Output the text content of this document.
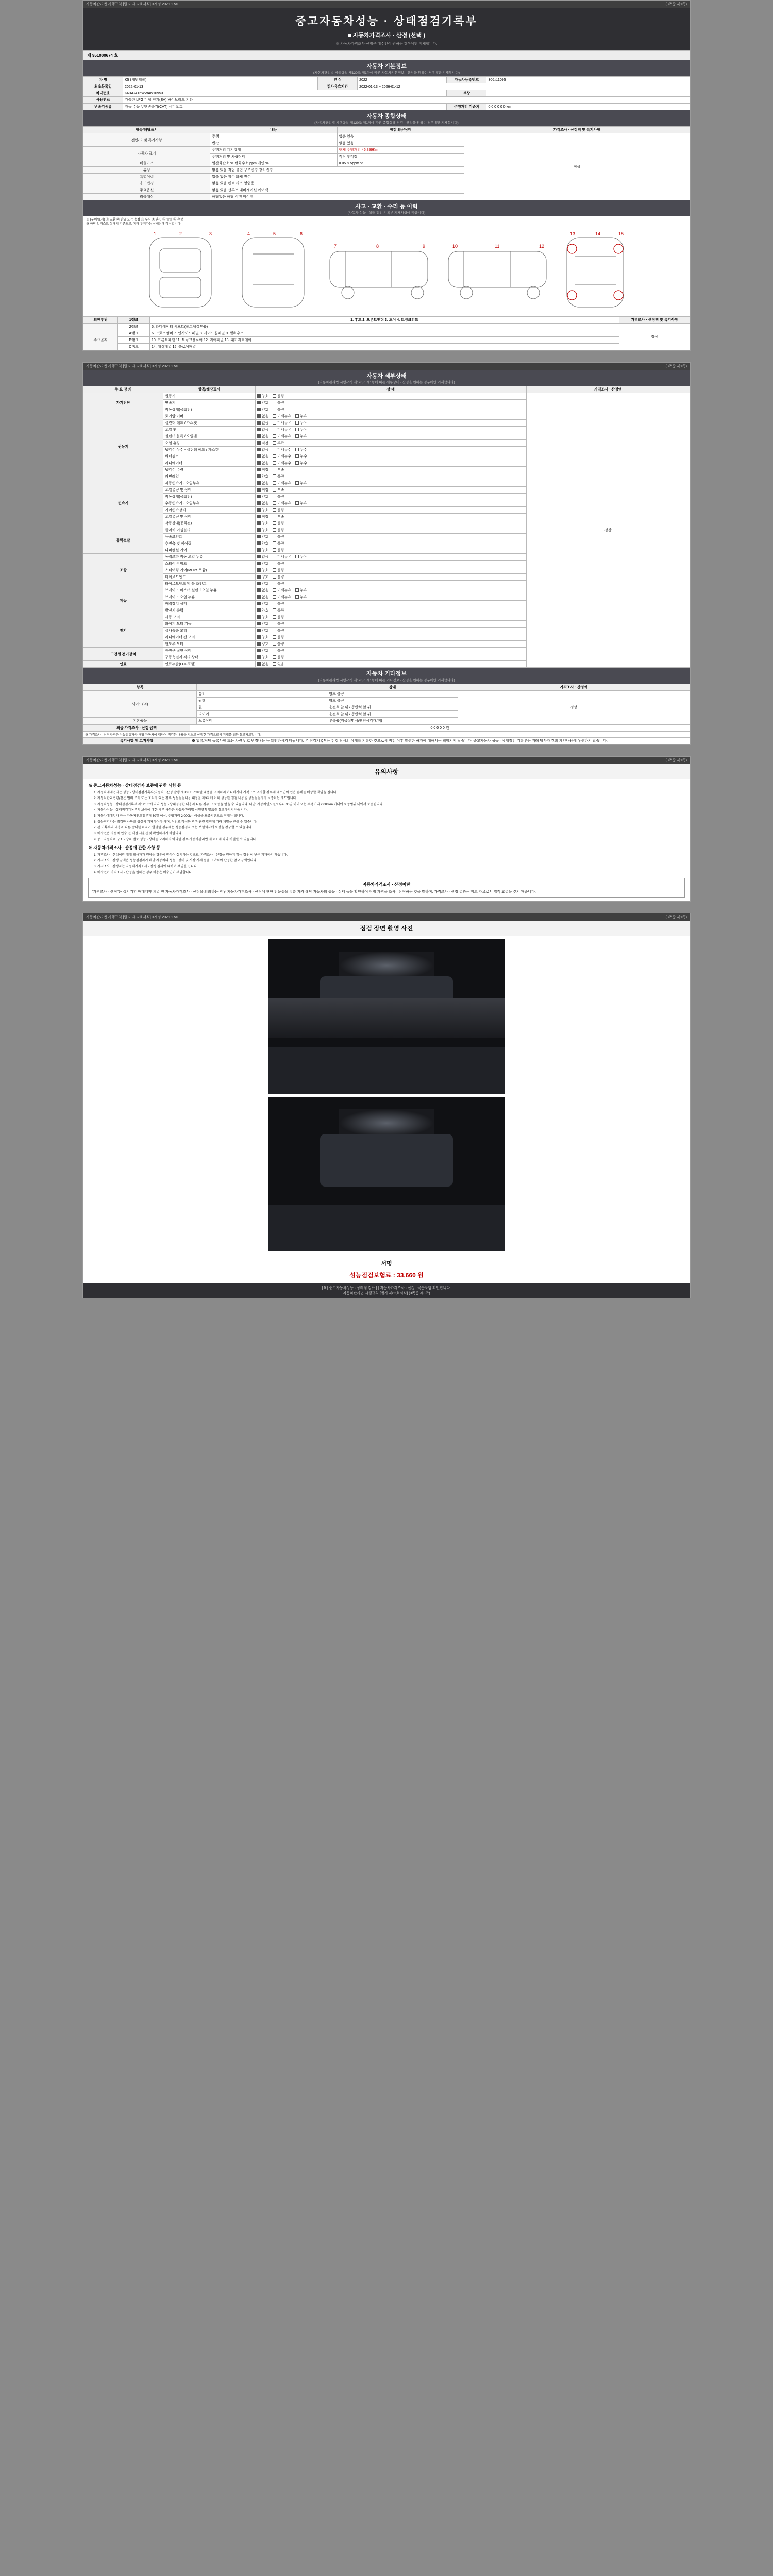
자동차관리법 시행규칙 [별지 제82호서식] <개정 2021.1.5>	(3쪽중 제1쪽)
중고자동차성능 · 상태점검기록부
■ 자동차가격조사 · 산정 (선택 )
※ 자동차가격조사·산정은 매수인이 원하는 경우에만 기재합니다.
제 951000674 호
자동차 기본정보
(자동차관리법 시행규칙 제120조 제1항에 따른 자동차기본정보 · 산정을 원하는 경우에만 기재합니다)
차 명	K5 (세번째볼)	연 식	2022	자동차등록번호	306로1095
최초등록일	2022-01-13	검사유효기간	2022-01-13 ~ 2026-01-12		
차대번호	KNAGA16WWAN10953			색상	
사용연료	가솔린 LPG 디젤 전기(EV) 하이브리드 기타				
변속기종류	자동 수동 무단변속기(CVT) 세미오토			주행거리 기준치	0 0 0 0 0 0 km
자동차 종합상태
(자동차관리법 시행규칙 제120조 제1항에 따른 종합상태 점검 · 산정을 원하는 경우에만 기재합니다)
항목/해당표시	내용	점검내용/상태	가격조사 · 산정액 및 특기사항
전면/리 및 특기사항	주행	없음 있음	정상
	변속	없음 있음	
자동차 표기	주행거리 계기상태	현재 주행거리 46,399Km	
	주행거리 및 차량상태	적정 부적정	
배출가스	일산화탄소 % 탄화수소 ppm 매연 %	0.05% 5ppm %	
튜닝	없음 있음 적법 불법 구조변경 장치변경		
특별이력	없음 있음 침수 화재 전손		
용도변경	없음 있음 렌트 리스 영업용		
주요옵션	없음 있음 선루프 내비게이션 에어백		
리콜대상	해당없음 해당 이행 미이행		
사고 · 교환 · 수리 등 이력
(자동차 성능 · 상태 점검 기록부 기재사항에 따릅니다)
※ (부위/표시) ① 교환 ② 판금 또는 용접 ③ 부식 ④ 흠집 ⑤ 굴절 ⑥ 손상
※ 하단 일러스트 상태의 기준으로, 기타 부위가는 상세란에 작성합니다
1	2	3	4	5	6
7	8	9	10	11	12
13	14	15
외판부위	1랭크	1. 후드 2. 프론트펜더 3. 도어 4. 트렁크리드	가격조사 · 산정액 및 특기사항
	2랭크	5. 라디에이터 서포트(볼트체결부품)	정상
주요골격	A랭크	6. 크로스멤버 7. 인사이드패널 8. 사이드실패널 9. 휠하우스	
	B랭크	10. 프론트패널 11. 트렁크플로어 12. 리어패널 13. 패키지트레이	
	C랭크	14. 대쉬패널 15. 플로어패널	
자동차관리법 시행규칙 [별지 제82호서식] <개정 2021.1.5>	(3쪽중 제1쪽)
자동차 세부상태
(자동차관리법 시행규칙 제120조 제1항에 따른 세부상태 · 산정을 원하는 경우에만 기재합니다)
주 요 장 치	항목/해당표시	상 태	가격조사 · 산정액
자기진단	원동기	양호 불량	정상
	변속기	양호 불량	
	작동상태(공회전)	양호 불량	
원동기	로커암 커버	없음 미세누유 누유	
	실린더 헤드 / 가스켓	없음 미세누유 누유	
	오일 팬	없음 미세누유 누유	
	실린더 블록 / 오일팬	없음 미세누유 누유	
	오일 유량	적정 부족	
	냉각수 누수 - 실린더 헤드 / 가스켓	없음 미세누수 누수	
	워터펌프	없음 미세누수 누수	
	라디에이터	없음 미세누수 누수	
	냉각수 수량	적정 부족	
	커먼레일	양호 불량	
변속기	자동변속기 - 오일누유	없음 미세누유 누유	
	오일유량 및 상태	적정 부족	
	작동상태(공회전)	양호 불량	
	수동변속기 - 오일누유	없음 미세누유 누유	
	기어변속장치	양호 불량	
	오일유량 및 상태	적정 부족	
	작동상태(공회전)	양호 불량	
동력전달	클러치 어셈블리	양호 불량	
	등속죠인트	양호 불량	
	추진축 및 베어링	양호 불량	
	디퍼렌셜 기어	양호 불량	
조향	동력조향 작동 오일 누유	없음 미세누유 누유	
	스티어링 펌프	양호 불량	
	스티어링 기어(MDPS포함)	양호 불량	
	타이로드엔드	양호 불량	
	타이로드엔드 및 볼 조인트	양호 불량	
제동	브레이크 마스터 실린더오일 누유	없음 미세누유 누유	
	브레이크 오일 누유	없음 미세누유 누유	
	배력장치 상태	양호 불량	
	발전기 출력	양호 불량	
전기	시동 모터	양호 불량	
	와이퍼 모터 기능	양호 불량	
	실내송풍 모터	양호 불량	
	라디에이터 팬 모터	양호 불량	
	윈도우 모터	양호 불량	
고전원 전기장치	충전구 절연 상태	양호 불량	
	구동축전지 격리 상태	양호 불량	
연료	연료누출(LPG포함)	없음 있음	
자동차 기타정보
(자동차관리법 시행규칙 제120조 제1항에 따른 기타정보 · 산정을 원하는 경우에만 기재합니다)
항목		상태	가격조사 · 산정액
사이드(외)	유리	양호 불량	정상
	광택	양호 불량	
	휠	운전석 앞 뒤 / 동반석 앞 뒤	
	타이어	운전석 앞 뒤 / 동반석 앞 뒤	
기본품목	보유상태	부속품(취급설명서/안전삼각대/잭)	
최종 가격조사 · 산정 금액	0 0 0 0 0 원
※ 가격조사 · 산정가격은 성능점검자가 해당 자동차에 대하여 점검한 내용을 기초로 산정한 가격으로서 거래를 위한 참고자료입니다.	
특기사항 및 고지사항	※ 압류/저당 등록사항 또는 차량 번호 변경내용 등 확인하시기 바랍니다. 본 점검기록부는 점검 당시의 상태를 기록한 것으로서 점검 이후 발생한 하자에 대해서는 책임지지 않습니다. 중고자동차 성능 · 상태점검 기록부는 거래 당사자 간의 계약내용에 우선하지 않습니다.
자동차관리법 시행규칙 [별지 제82호서식] <개정 2021.1.5>	(3쪽중 제1쪽)
유의사항
※ 중고자동차성능 · 상태점검자 보증에 관한 사항 등
1. 자동차매매업자는 성능 · 상태점검기록부(자동차 · 산정 발행 제303조 70%한 내용을 고지하지 아니하거나 거짓으로 고지할 경우에 매수인이 입은 손해를 배상할 책임을 집니다.
2. 자동차관리법령(같은 법의 조치 또는 조치가 있는 경우 성능점검내용 내용을 제3자에 이해 성능한 점검 내용을 성능점검자가 보증하는 제도입니다.
3. 자동차성능 · 상태점검기록부 제120조에 따라 성능 · 상태점검한 내용과 다른 경우 그 보증을 받을 수 있습니다. 다만, 자동차인도일로부터 30일 이내 또는 주행거리 2,000km 이내에 보증범위 내에서 보증됩니다.
4. 자동차성능 · 상태점검기록부의 보증에 대한 세부 사항은 자동차관리법 시행규칙 별표를 참고하시기 바랍니다.
5. 자동차매매업자 등은 자동차인도일부터 30일 이상, 주행거리 2,000km 이상을 보증기간으로 정해야 합니다.
6. 성능점검자는 점검한 사항을 성실히 기재하여야 하며, 허위로 작성한 경우 관련 법령에 따라 처벌을 받을 수 있습니다.
7. 본 기록부의 내용과 다른 중대한 하자가 발생한 경우에는 성능점검자 또는 보험회사에 보상을 청구할 수 있습니다.
8. 매수인은 자동차 인수 전 직접 시운전 및 확인하시기 바랍니다.
9. 중고자동차의 구조 · 장치 별로 성능 · 상태를 고지하지 아니한 경우 자동차관리법 제58조에 따라 처벌될 수 있습니다.
※ 자동차가격조사 · 산정에 관한 사항 등
1. 가격조사 · 산정이란 매매 당사자가 원하는 경우에 한하여 실시하는 것으로, 가격조사 · 산정을 원하지 않는 경우 이 난은 기재하지 않습니다.
2. 가격조사 · 산정 금액은 성능점검자가 해당 자동차의 성능 · 상태 및 시장 시세 등을 고려하여 산정한 참고 금액입니다.
3. 가격조사 · 산정자는 자동차가격조사 · 산정 결과에 대하여 책임을 집니다.
4. 매수인이 가격조사 · 산정을 원하는 경우 비용은 매수인이 부담합니다.
자동차가격조사 · 산정이란
"가격조사 · 산정"은 실시기간 매매계약 체결 전 자동차가격조사 · 산정을 의뢰하는 경우 자동차가격조사 · 산정에 관한 전문성을 갖춘 자가 해당 자동차의 성능 · 상태 등을 확인하여 적정 가격을 조사 · 산정하는 것을 말하며, 가격조사 · 산정 결과는 참고 자료로서 법적 효력을 갖지 않습니다.
자동차관리법 시행규칙 [별지 제82호서식] <개정 2021.1.5>	(3쪽중 제1쪽)
점검 장면 촬영 사진
서명
성능점검보험료 : 33,660 원
[ ¥ ] 중고자동차성능 · 상태점 검표 [ ] 자동차가격조사 · 산정 ] 국문포함 확인합니다.
자동차관리법 시행규칙 [별지 제82호서식] (3쪽중 제3쪽)
